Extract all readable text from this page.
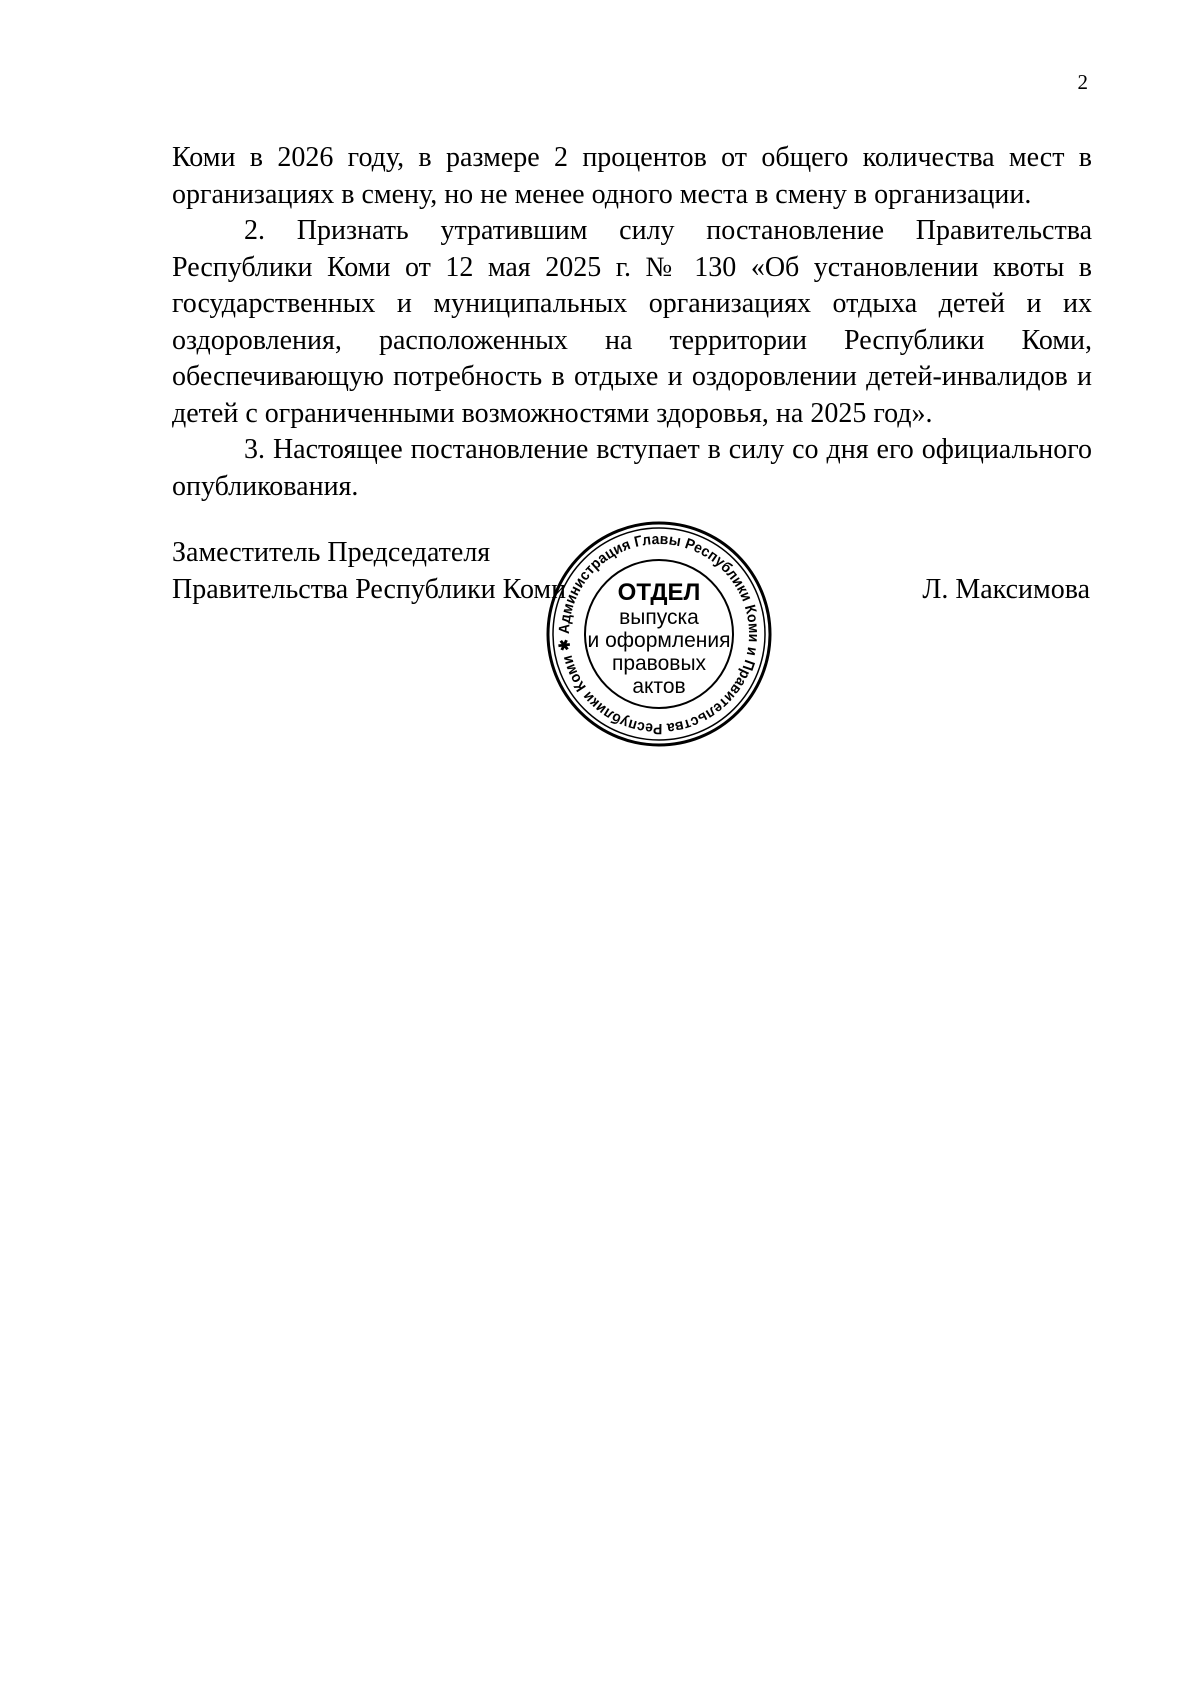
2

Коми в 2026 году, в размере 2 процентов от общего количества мест в организациях в смену, но не менее одного места в смену в организации.

2. Признать утратившим силу постановление Правительства Республики Коми от 12 мая 2025 г. № 130 «Об установлении квоты в государственных и муниципальных организациях отдыха детей и их оздоровления, расположенных на территории Республики Коми, обеспечивающую потребность в отдыхе и оздоровлении детей-инвалидов и детей с ограниченными возможностями здоровья, на 2025 год».

3. Настоящее постановление вступает в силу со дня его официального опубликования.

Заместитель Председателя
Правительства Республики Коми	Л. Максимова
Администрация Главы Республики Коми и Правительства Республики Коми ✱
ОТДЕЛ
выпуска
и оформления
правовых
актов
